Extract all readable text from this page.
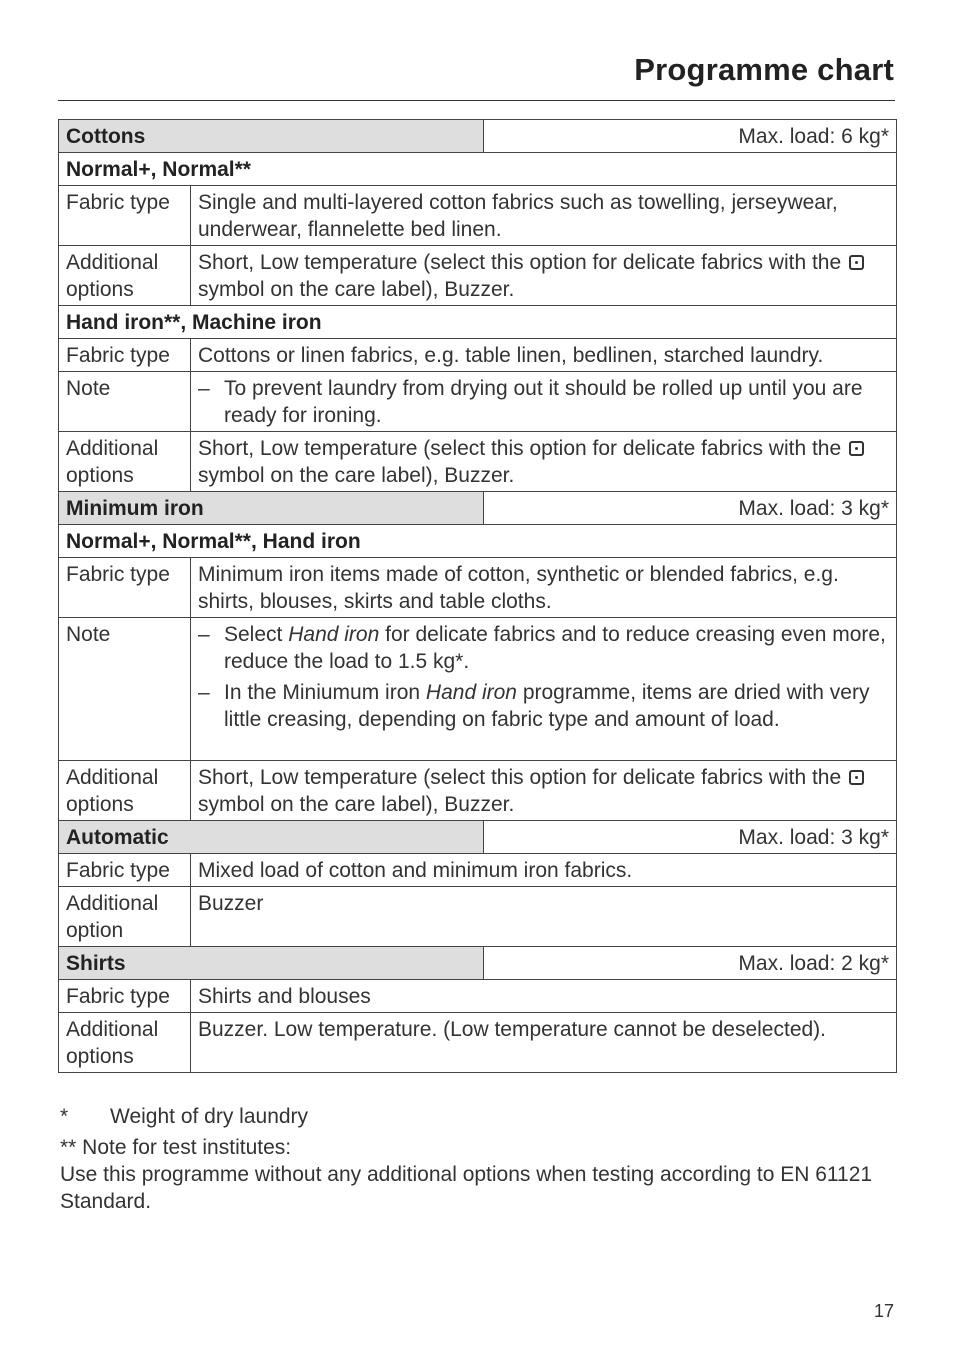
Programme chart
Cottons		Max. load: 6 kg*
Normal+, Normal**		
Fabric type	Single and multi-layered cotton fabrics such as towelling, jerseywear, underwear, flannelette bed linen.	
Additional options	Short, Low temperature (select this option for delicate fabrics with the  symbol on the care label), Buzzer.	
Hand iron**, Machine iron		
Fabric type	Cottons or linen fabrics, e.g. table linen, bedlinen, starched laundry.	
Note	– To prevent laundry from drying out it should be rolled up until you are ready for ironing.	

Additional options	Short, Low temperature (select this option for delicate fabrics with the   symbol on the care label), Buzzer.	
Minimum iron		Max. load: 3 kg*
Normal+, Normal**, Hand iron		
Fabric type	Minimum iron items made of cotton, synthetic or blended fabrics, e.g. shirts, blouses, skirts and table cloths.	
Note	– Select Hand iron for delicate fabrics and to reduce creasing even more, reduce the load to 1.5 kg*.
– In the Miniumum iron Hand iron programme, items are dried with very little creasing, depending on fabric type and amount of load.	

Additional options	Short, Low temperature (select this option for delicate fabrics with the   symbol on the care label), Buzzer.	
Automatic		Max. load: 3 kg*
Fabric type	Mixed load of cotton and minimum iron fabrics.	
Additional option	Buzzer	
Shirts		Max. load: 2 kg*
Fabric type	Shirts and blouses	
Additional options	Buzzer. Low temperature. (Low temperature cannot be deselected).	
*	Weight of dry laundry
** Note for test institutes:
Use this programme without any additional options when testing according to EN 61121 Standard.
17
